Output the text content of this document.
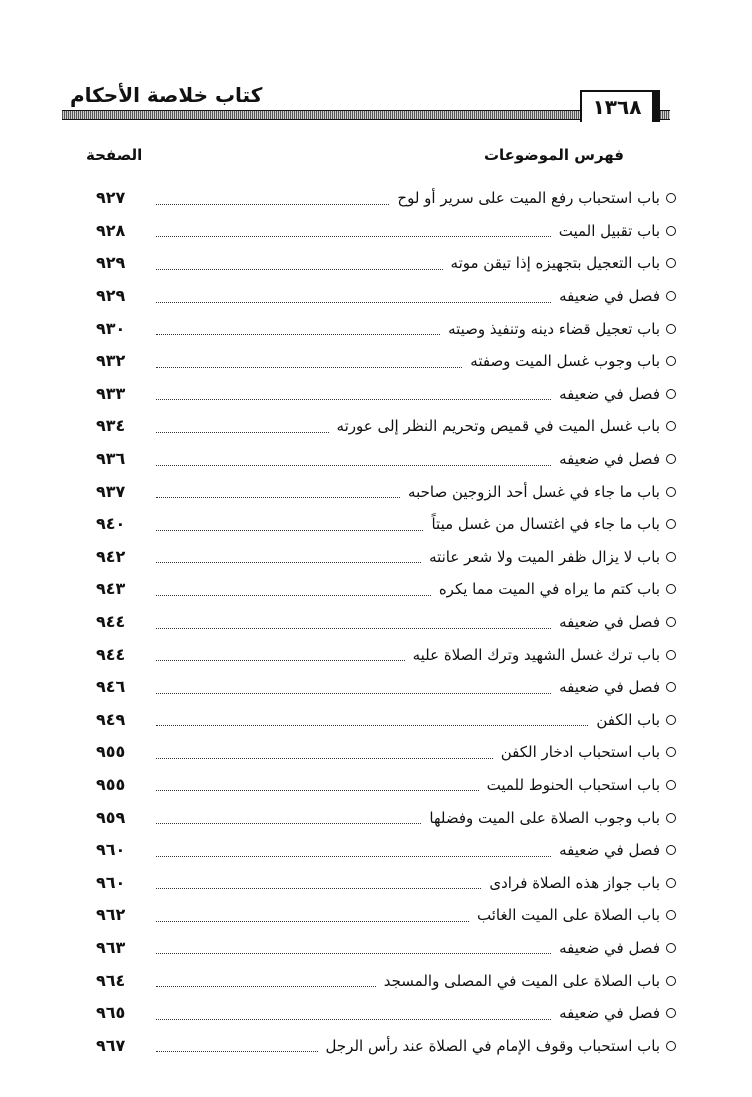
كتاب خلاصة الأحكام	١٣٦٨
فهرس الموضوعات
الصفحة
باب استحباب رفع الميت على سرير أو لوح
٩٢٧
باب تقبيل الميت
٩٢٨
باب التعجيل بتجهيزه إذا تيقن موته
٩٢٩
فصل في ضعيفه
٩٢٩
باب تعجيل قضاء دينه وتنفيذ وصيته
٩٣٠
باب وجوب غسل الميت وصفته
٩٣٢
فصل في ضعيفه
٩٣٣
باب غسل الميت في قميص وتحريم النظر إلى عورته
٩٣٤
فصل في ضعيفه
٩٣٦
باب ما جاء في غسل أحد الزوجين صاحبه
٩٣٧
باب ما جاء في اغتسال من غسل ميتاً
٩٤٠
باب لا يزال ظفر الميت ولا شعر عانته
٩٤٢
باب كتم ما يراه في الميت مما يكره
٩٤٣
فصل في ضعيفه
٩٤٤
باب ترك غسل الشهيد وترك الصلاة عليه
٩٤٤
فصل في ضعيفه
٩٤٦
باب الكفن
٩٤٩
باب استحباب ادخار الكفن
٩٥٥
باب استحباب الحنوط للميت
٩٥٥
باب وجوب الصلاة على الميت وفضلها
٩٥٩
فصل في ضعيفه
٩٦٠
باب جواز هذه الصلاة فرادى
٩٦٠
باب الصلاة على الميت الغائب
٩٦٢
فصل في ضعيفه
٩٦٣
باب الصلاة على الميت في المصلى والمسجد
٩٦٤
فصل في ضعيفه
٩٦٥
باب استحباب وقوف الإمام في الصلاة عند رأس الرجل
٩٦٧
